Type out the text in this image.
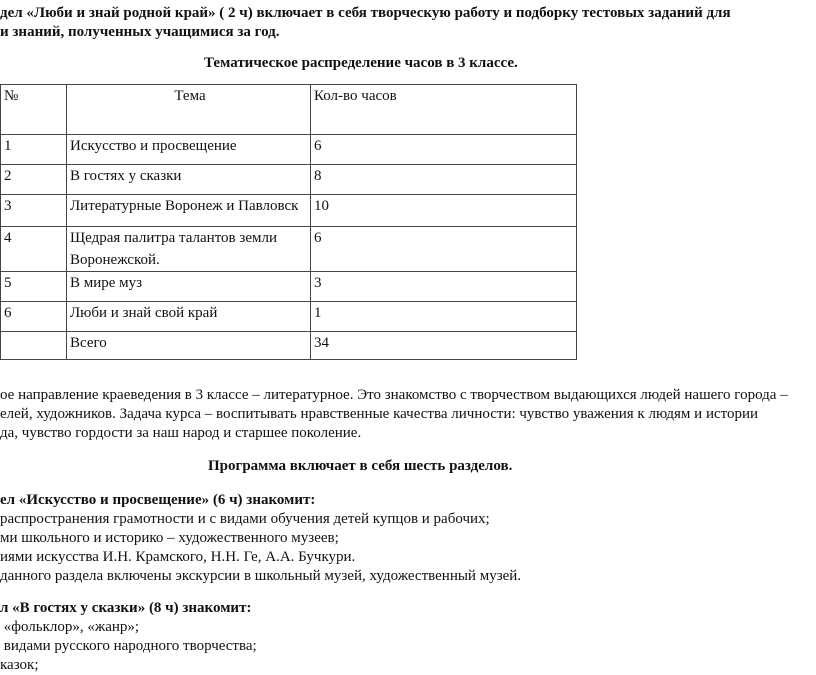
дел «Люби и знай родной край» ( 2 ч) включает в себя творческую работу и подборку тестовых заданий для
и знаний, полученных учащимися за год.
Тематическое распределение часов в 3 классе.
№	Тема	Кол-во часов
1	Искусство и просвещение	6
2	В гостях у сказки	8
3	Литературные Воронеж и Павловск	10
4	Щедрая палитра талантов земли Воронежской.	6
5	В мире муз	3
6	Люби и знай свой край	1
	Всего	34
ое направление краеведения в 3 классе – литературное. Это знакомство с творчеством выдающихся людей нашего города –
елей, художников. Задача курса – воспитывать нравственные качества личности: чувство уважения к людям и истории
да, чувство гордости за наш народ и старшее поколение.
Программа включает в себя шесть разделов.
ел «Искусство и просвещение» (6 ч) знакомит:
распространения грамотности и с видами обучения детей купцов и рабочих;
ми школьного и историко – художественного музеев;
иями искусства И.Н. Крамского, Н.Н. Ге, А.А. Бучкури.
данного раздела включены экскурсии в школьный музей, художественный музей.
л «В гостях у сказки» (8 ч) знакомит:
«фольклор», «жанр»;
видами русского народного творчества;
казок;
